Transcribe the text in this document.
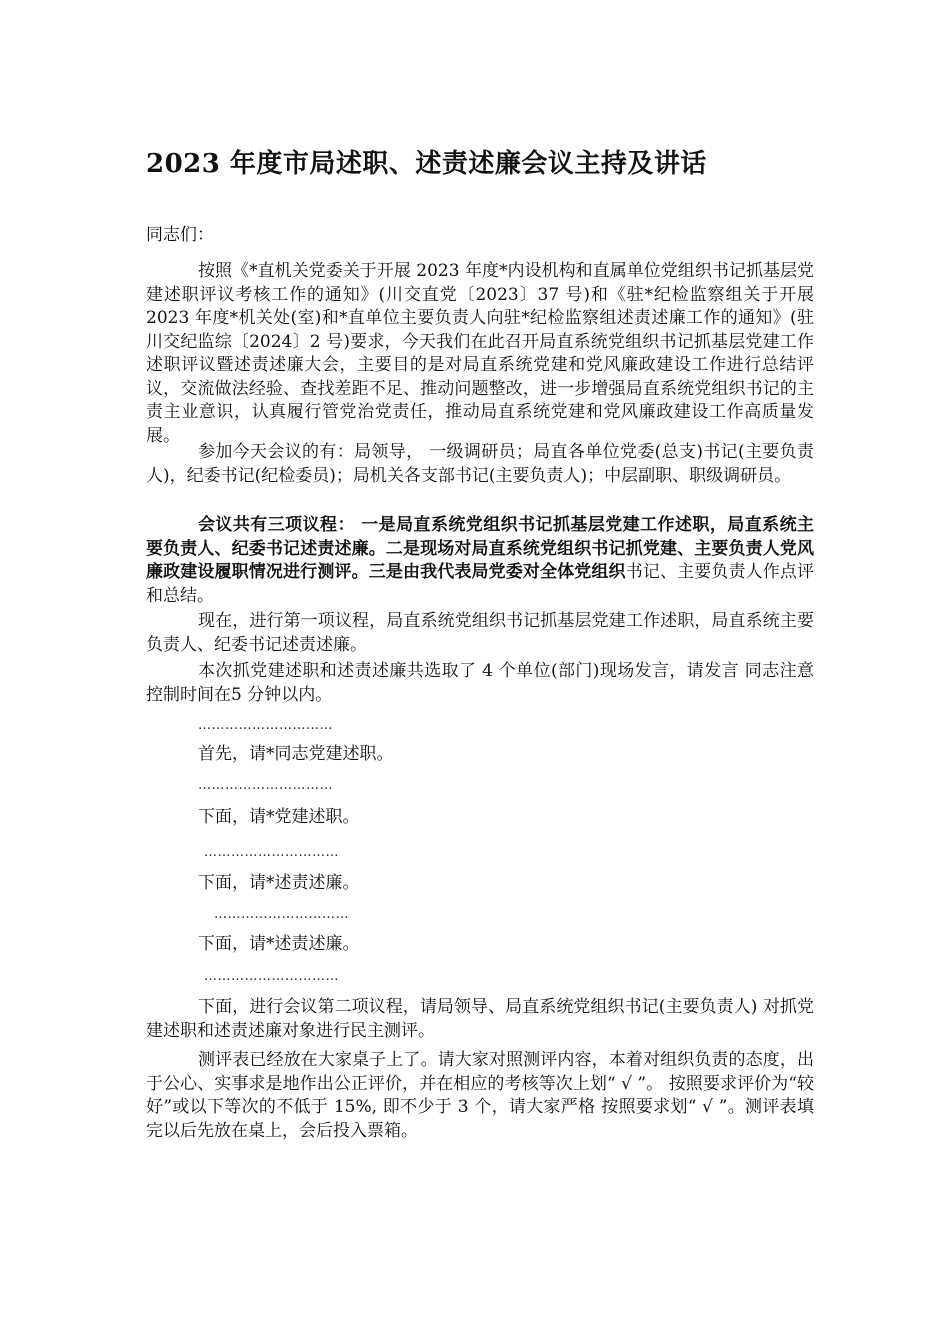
2023 年度市局述职、述责述廉会议主持及讲话

同志们：

按照《*直机关党委关于开展 2023 年度*内设机构和直属单位党组织书记抓基层党建述职评议考核工作的通知》(川交直党〔2023〕37 号)和《驻*纪检监察组关于开展2023 年度*机关处(室)和*直单位主要负责人向驻*纪检监察组述责述廉工作的通知》(驻川交纪监综〔2024〕2 号)要求，今天我们在此召开局直系统党组织书记抓基层党建工作述职评议暨述责述廉大会，主要目的是对局直系统党建和党风廉政建设工作进行总结评议，交流做法经验、查找差距不足、推动问题整改，进一步增强局直系统党组织书记的主责主业意识，认真履行管党治党责任，推动局直系统党建和党风廉政建设工作高质量发展。

参加今天会议的有：局领导， 一级调研员；局直各单位党委(总支)书记(主要负责人)，纪委书记(纪检委员)；局机关各支部书记(主要负责人)；中层副职、职级调研员。

会议共有三项议程： 一是局直系统党组织书记抓基层党建工作述职，局直系统主要负责人、纪委书记述责述廉。二是现场对局直系统党组织书记抓党建、主要负责人党风廉政建设履职情况进行测评。三是由我代表局党委对全体党组织书记、主要负责人作点评和总结。

现在，进行第一项议程，局直系统党组织书记抓基层党建工作述职，局直系统主要负责人、纪委书记述责述廉。

本次抓党建述职和述责述廉共选取了 4 个单位(部门)现场发言，请发言 同志注意控制时间在5 分钟以内。

…………………………

首先，请*同志党建述职。

…………………………

下面，请*党建述职。

…………………………

下面，请*述责述廉。

…………………………

下面，请*述责述廉。

…………………………

下面，进行会议第二项议程，请局领导、局直系统党组织书记(主要负责人) 对抓党建述职和述责述廉对象进行民主测评。

测评表已经放在大家桌子上了。请大家对照测评内容，本着对组织负责的态度，出于公心、实事求是地作出公正评价，并在相应的考核等次上划“ √ ”。 按照要求评价为“较好”或以下等次的不低于 15%, 即不少于 3 个，请大家严格 按照要求划“ √ ”。测评表填完以后先放在桌上，会后投入票箱。
